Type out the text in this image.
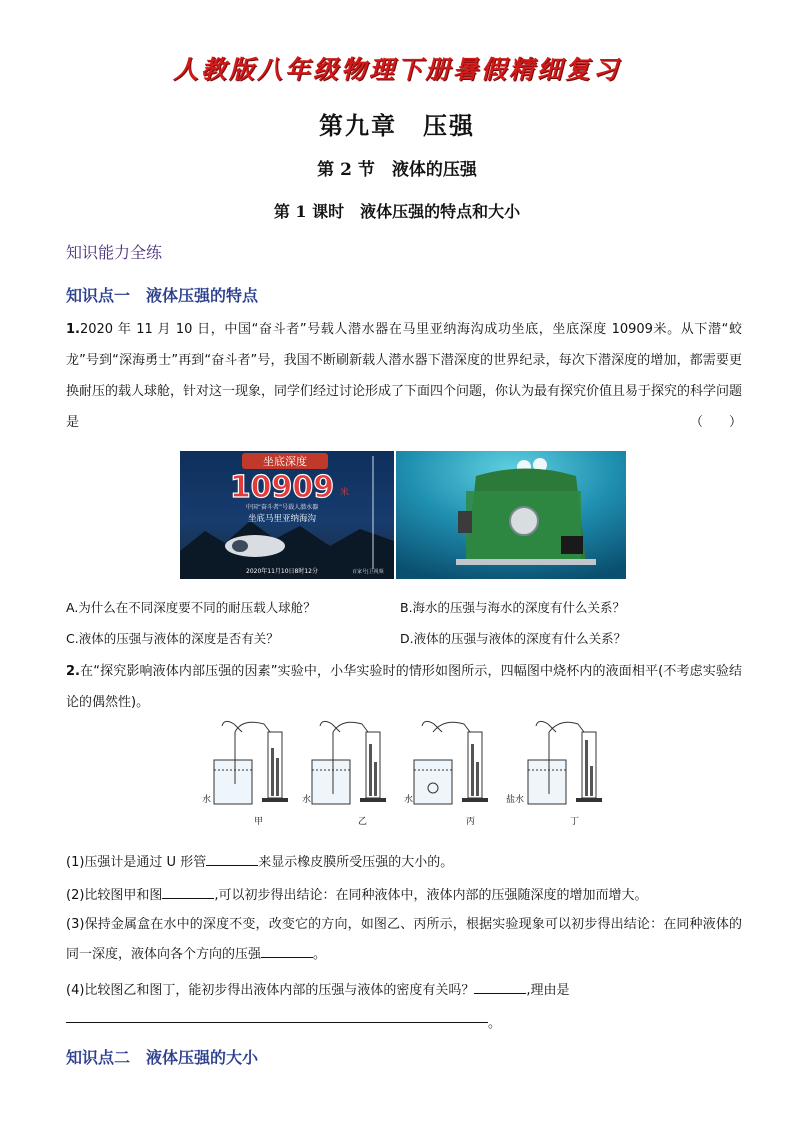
人教版八年级物理下册暑假精细复习
第九章　压强
第 2 节　液体的压强
第 1 课时　液体压强的特点和大小
知识能力全练
知识点一　液体压强的特点
1.2020 年 11 月 10 日，中国“奋斗者”号载人潜水器在马里亚纳海沟成功坐底，坐底深度 10909米。从下潜“蛟龙”号到“深海勇士”再到“奋斗者”号，我国不断刷新载人潜水器下潜深度的世界纪录，每次下潜深度的增加，都需要更换耐压的载人球舱，针对这一现象，同学们经过讨论形成了下面四个问题，你认为最有探究价值且易于探究的科学问题是	（　　）
坐底深度
10909 米
中国“奋斗者”号载人潜水器
坐底马里亚纳海沟
2020年11月10日8时12分	百家号|卫视频
A.为什么在不同深度要不同的耐压载人球舱？	B.海水的压强与海水的深度有什么关系？
C.液体的压强与液体的深度是否有关？	D.液体的压强与液体的深度有什么关系？
2.在“探究影响液体内部压强的因素”实验中，小华实验时的情形如图所示，四幅图中烧杯内的液面相平(不考虑实验结论的偶然性)。
水	水	水	盐水
甲	乙	丙	丁
(1)压强计是通过 U 形管	来显示橡皮膜所受压强的大小的。
(2)比较图甲和图	,可以初步得出结论：在同种液体中，液体内部的压强随深度的增加而增大。
(3)保持金属盒在水中的深度不变，改变它的方向，如图乙、丙所示，根据实验现象可以初步得出结论：在同种液体的同一深度，液体向各个方向的压强	。
(4)比较图乙和图丁，能初步得出液体内部的压强与液体的密度有关吗？	,理由是
。
知识点二　液体压强的大小
